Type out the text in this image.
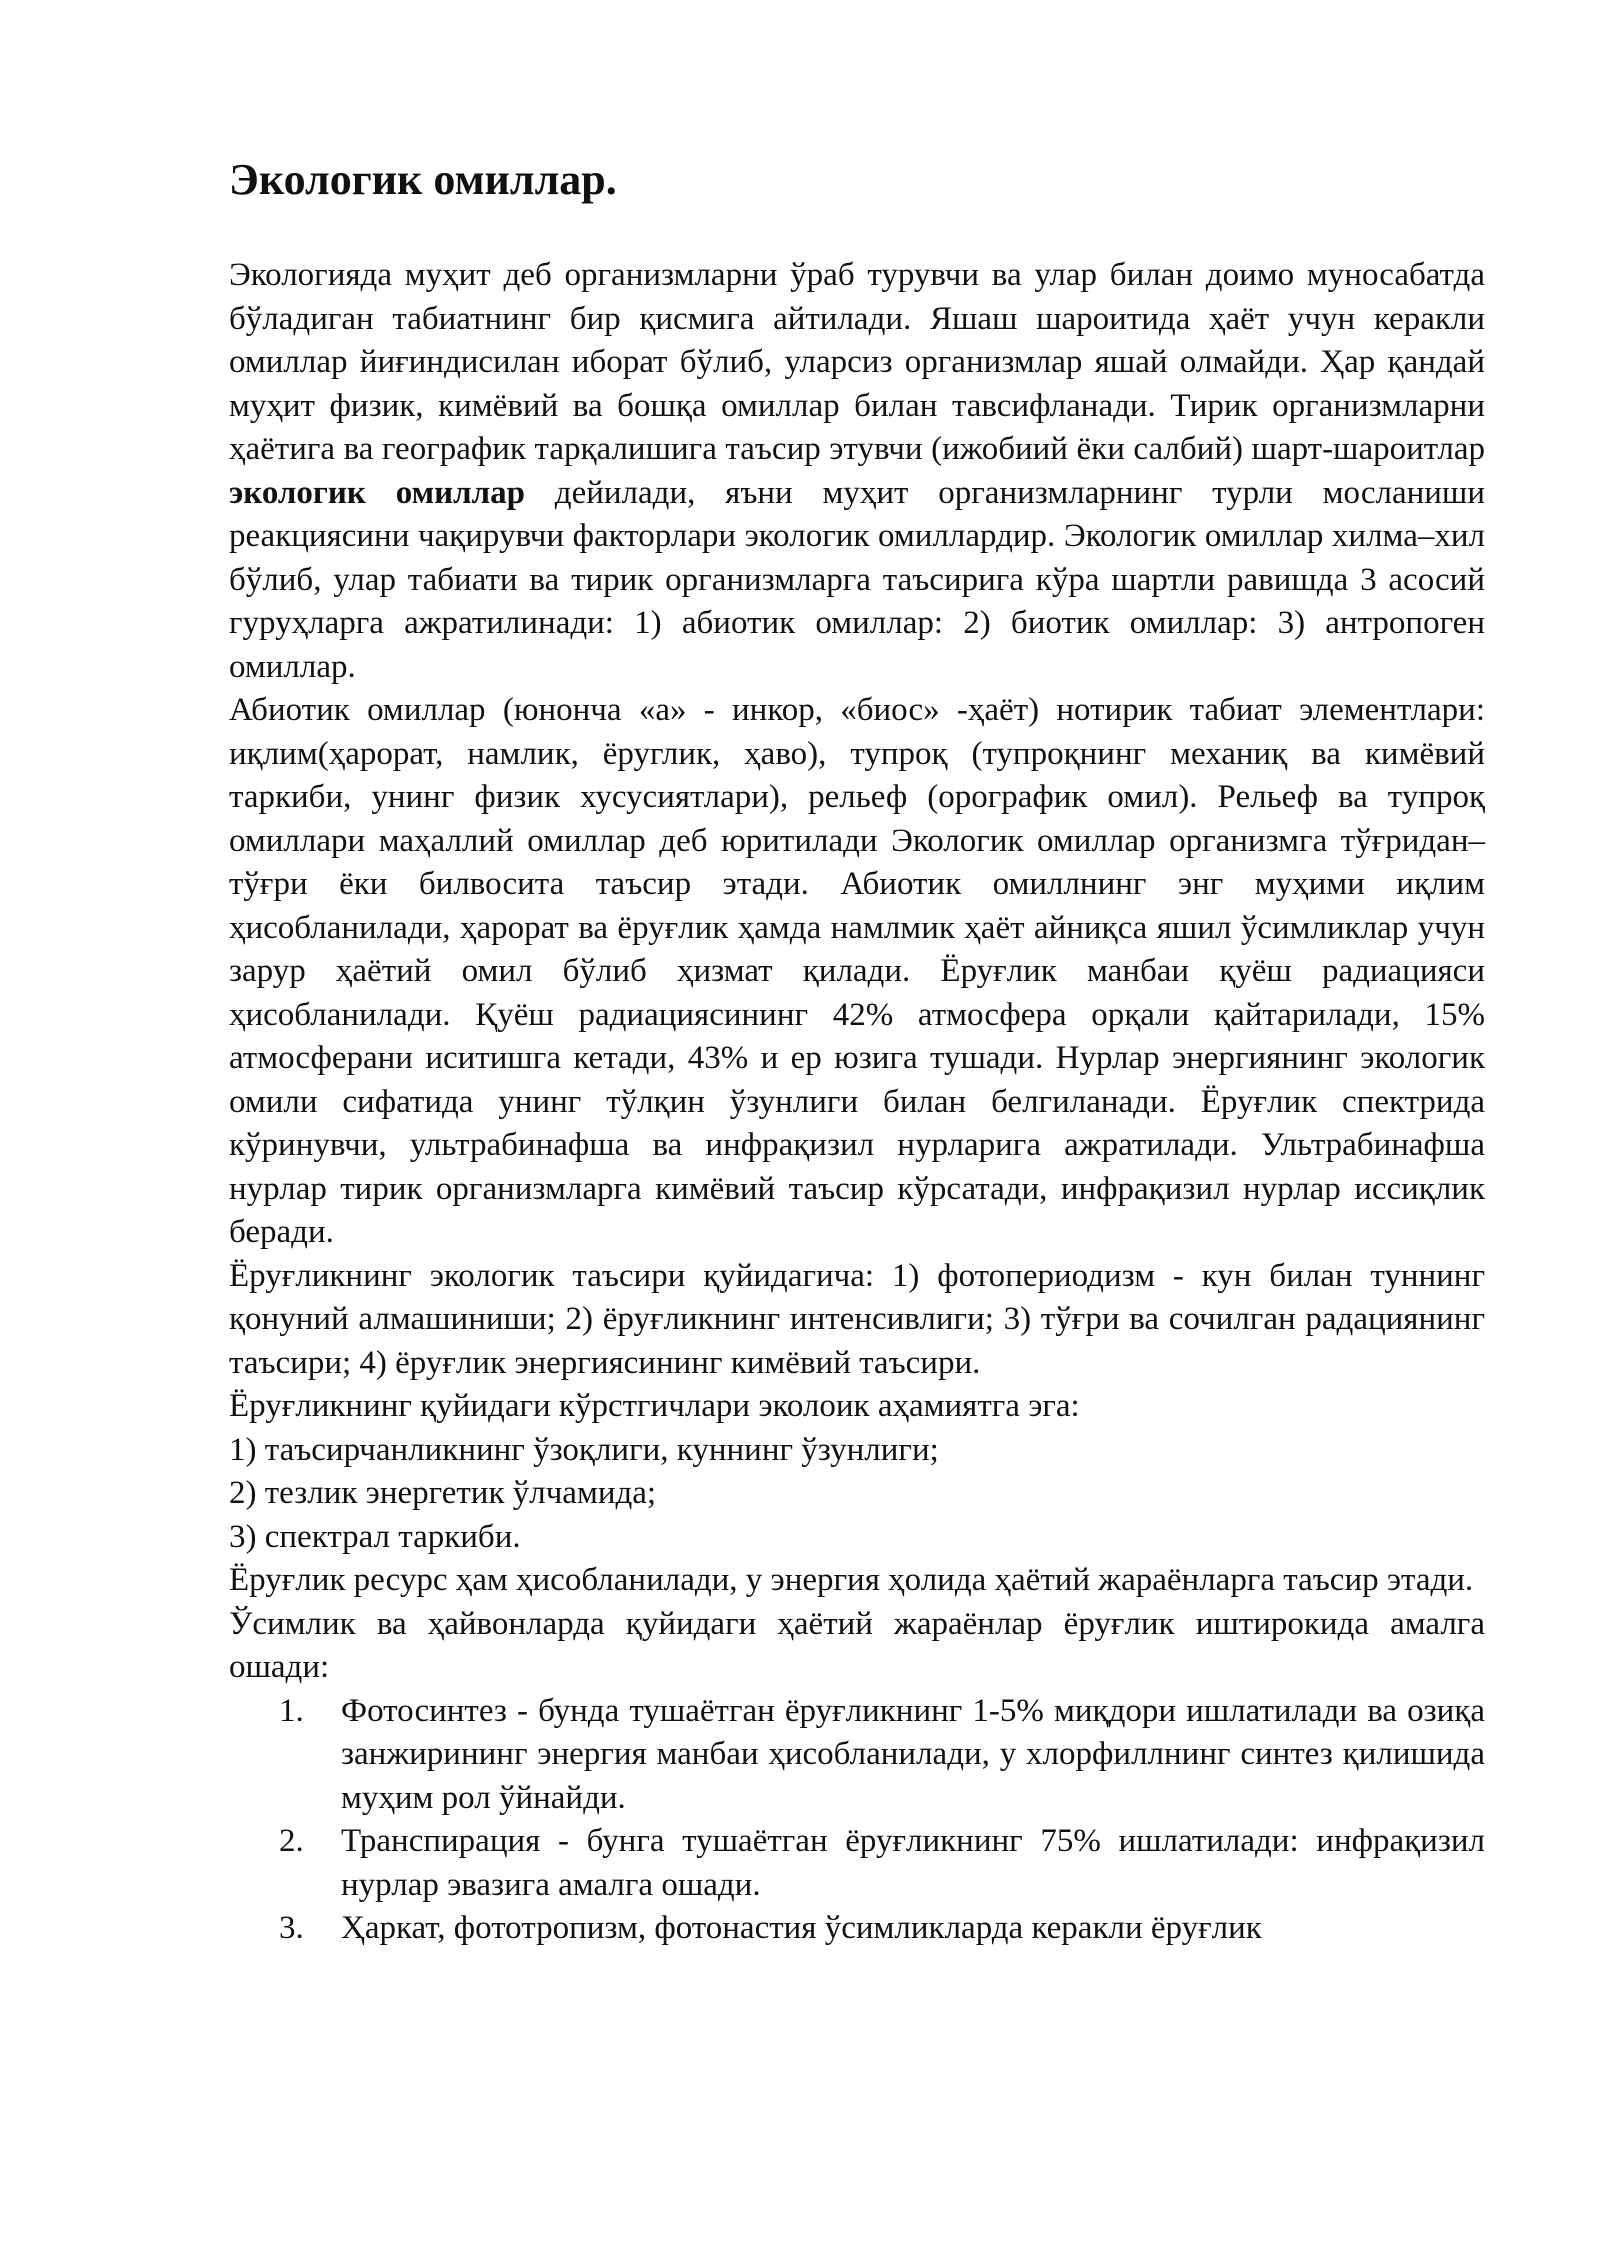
Экологик омиллар.

Экологияда муҳит деб организмларни ўраб турувчи ва улар билан доимо муносабатда бўладиган табиатнинг бир қисмига айтилади. Яшаш шароитида ҳаёт учун керакли омиллар йиғиндисилан иборат бўлиб, уларсиз организмлар яшай олмайди. Ҳар қандай муҳит физик, кимёвий ва бошқа омиллар билан тавсифланади. Тирик организмларни ҳаётига ва географик тарқалишига таъсир этувчи (ижобиий ёки салбий) шарт-шароитлар экологик омиллар дейилади, яъни муҳит организмларнинг турли мосланиши реакциясини чақирувчи факторлари экологик омиллардир. Экологик омиллар хилма–хил бўлиб, улар табиати ва тирик организмларга таъсирига кўра шартли равишда 3 асосий гуруҳларга ажратилинади: 1) абиотик омиллар: 2) биотик омиллар: 3) антропоген омиллар.

Абиотик омиллар (юнонча «а» - инкор, «биос» -ҳаёт) нотирик табиат элементлари: иқлим(ҳарорат, намлик, ёруглик, ҳаво), тупроқ (тупроқнинг механиқ ва кимёвий таркиби, унинг физик хусусиятлари), рельеф (орографик омил). Рельеф ва тупроқ омиллари маҳаллий омиллар деб юритилади Экологик омиллар организмга тўғридан–тўғри ёки билвосита таъсир этади. Абиотик омиллнинг энг муҳими иқлим ҳисобланилади, ҳарорат ва ёруғлик ҳамда намлмик ҳаёт айниқса яшил ўсимликлар учун зарур ҳаётий омил бўлиб ҳизмат қилади. Ёруғлик манбаи қуёш радиацияси ҳисобланилади. Қуёш радиациясининг 42% атмосфера орқали қайтарилади, 15% атмосферани иситишга кетади, 43% и ер юзига тушади. Нурлар энергиянинг экологик омили сифатида унинг тўлқин ўзунлиги билан белгиланади. Ёруғлик спектрида кўринувчи, ультрабинафша ва инфрақизил нурларига ажратилади. Ультрабинафша нурлар тирик организмларга кимёвий таъсир кўрсатади, инфрақизил нурлар иссиқлик беради.

Ёруғликнинг экологик таъсири қуйидагича: 1) фотопериодизм - кун билан туннинг қонуний алмашиниши; 2) ёруғликнинг интенсивлиги; 3) тўғри ва сочилган радациянинг таъсири; 4) ёруғлик энергиясининг кимёвий таъсири.

Ёруғликнинг қуйидаги кўрстгичлари эколоик аҳамиятга эга:

1) таъсирчанликнинг ўзоқлиги, куннинг ўзунлиги;

2) тезлик энергетик ўлчамида;

3) спектрал таркиби.

Ёруғлик ресурс ҳам ҳисобланилади, у энергия ҳолида ҳаётий жараёнларга таъсир этади.

Ўсимлик ва ҳайвонларда қуйидаги ҳаётий жараёнлар ёруғлик иштирокида амалга ошади:

1. Фотосинтез - бунда тушаётган ёруғликнинг 1-5% миқдори ишлатилади ва озиқа занжирининг энергия манбаи ҳисобланилади, у хлорфиллнинг синтез қилишида муҳим рол ўйнайди.
2. Транспирация - бунга тушаётган ёруғликнинг 75% ишлатилади: инфрақизил нурлар эвазига амалга ошади.
3. Ҳаркат, фототропизм, фотонастия ўсимликларда керакли ёруғлик
